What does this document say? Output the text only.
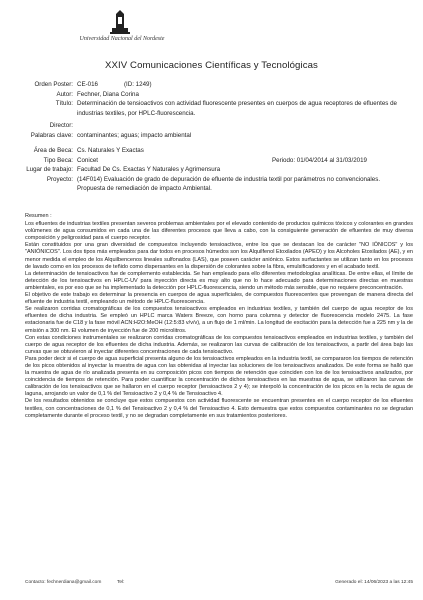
Universidad Nacional del Nordeste
XXIV Comunicaciones Científicas y Tecnológicas
Orden Poster: CE-016	(ID: 1249)
Autor: Fechner, Diana Corina
Título: Determinación de tensioactivos con actividad fluorescente presentes en cuerpos de agua receptores de efluentes de industrias textiles, por HPLC-fluorescencia.
Director:
Palabras clave: contaminantes; aguas; impacto ambiental
Área de Beca: Cs. Naturales Y Exactas
Tipo Beca: Conicet	Periodo: 01/04/2014 al 31/03/2019
Lugar de trabajo: Facultad De Cs. Exactas Y Naturales y Agrimensura
Proyecto: (14F014) Evaluación de grado de depuración de efluente de industria textil por parámetros no convencionales. Propuesta de remediación de impacto Ambiental.
Resumen :
Los efluentes de industrias textiles presentan severos problemas ambientales por el elevado contenido de productos químicos tóxicos y colorantes en grandes volúmenes de agua consumidos en cada una de las diferentes procesos que lleva a cabo, con la consiguiente generación de efluentes de muy diversa composición y peligrosidad para el cuerpo receptor.
Están constituidos por una gran diversidad de compuestos incluyendo tensioactivos, entre los que se destacan los de carácter "NO IÓNICOS" y los "ANIÓNICOS". Los dos tipos más empleados para dar todos en procesos húmedos son los Alquilfenol Etoxilados (APEO) y los Alcoholes Etoxilados (AE), y en menor medida el empleo de los Alquilbencenos lineales sulfonados (LAS), que poseen carácter aniónico. Estos surfactantes se utilizan tanto en los procesos de lavado como en los procesos de teñido como dispersantes en la dispersión de colorantes sobre la fibra, emulsificadores y en el acabado textil.
La determinación de tensioactivos fue de complemento establecida. Se han empleado para ello diferentes metodologías analíticas. De entre ellas, el límite de detección de los tensioactivos en HPLC-UV para inyección directa es muy alto que no lo hace adecuado para determinaciones directas en muestras ambientales, es por eso que se ha implementado la detección por HPLC-fluorescencia, siendo un método más sensible, que no requiere preconcentración.
El objetivo de este trabajo es determinar la presencia en cuerpos de agua superficiales, de compuestos fluorescentes que provengan de manera directa del efluente de industria textil, empleando un método de HPLC-fluorescencia.
Se realizaron corridas cromatográficas de los compuestos tensioactivos empleados en industrias textiles, y también del cuerpo de agua receptor de los efluentes de dicha industria. Se empleó un HPLC marca Waters Breeze, con horno para columna y detector de fluorescencia modelo 2475. La fase estacionaria fue de C18 y la fase móvil ACN:H2O:MeOH (12:5:83 v/v/v), a un flujo de 1 ml/min. La longitud de excitación para la detección fue a 225 nm y la de emisión a 300 nm. El volumen de inyección fue de 200 microlitros.
Con estas condiciones instrumentales se realizaron corridas cromatográficas de los compuestos tensioactivos empleados en industrias textiles, y también del cuerpo de agua receptor de los efluentes de dicha industria. Además, se realizaron las curvas de calibración de los tensioactivos, a partir del área bajo las curvas que se obtuvieron al inyectar diferentes concentraciones de cada tensioactivo.
Para poder decir si el cuerpo de agua superficial presenta alguno de los tensioactivos empleados en la industria textil, se compararon los tiempos de retención de los picos obtenidos al inyectar la muestra de agua con las obtenidas al inyectar las soluciones de los tensioactivos analizados. De este forma se halló que la muestra de agua de río analizada presenta en su composición picos con tiempos de retención que coinciden con los de los tensioactivos analizados, por coincidencia de tiempos de retención. Para poder cuantificar la concentración de dichos tensioactivos en las muestras de agua, se utilizaron las curvas de calibración de los tensioactivos que se hallaron en el cuerpo receptor (tensioactivos 2 y 4); se interpoló la concentración de los picos en la recta de agua de laguna, arrojando un valor de 0,1 % del Tensioactivo 2 y 0,4 % de Tensioactivo 4.
De los resultados obtenidos se concluye que estos compuestos con actividad fluorescente se encuentran presentes en el cuerpo receptor de los efluentes textiles, con concentraciones de 0,1 % del Tensioactivo 2 y 0,4 % del Tensioactivo 4. Esto demuestra que estos compuestos contaminantes no se degradan completamente durante el proceso textil, y no se degradan completamente en sus tratamientos posteriores.
Contacto: fechnerdiana@gmail.com	Tel:	Generado el: 14/06/2023 a las 12:45
